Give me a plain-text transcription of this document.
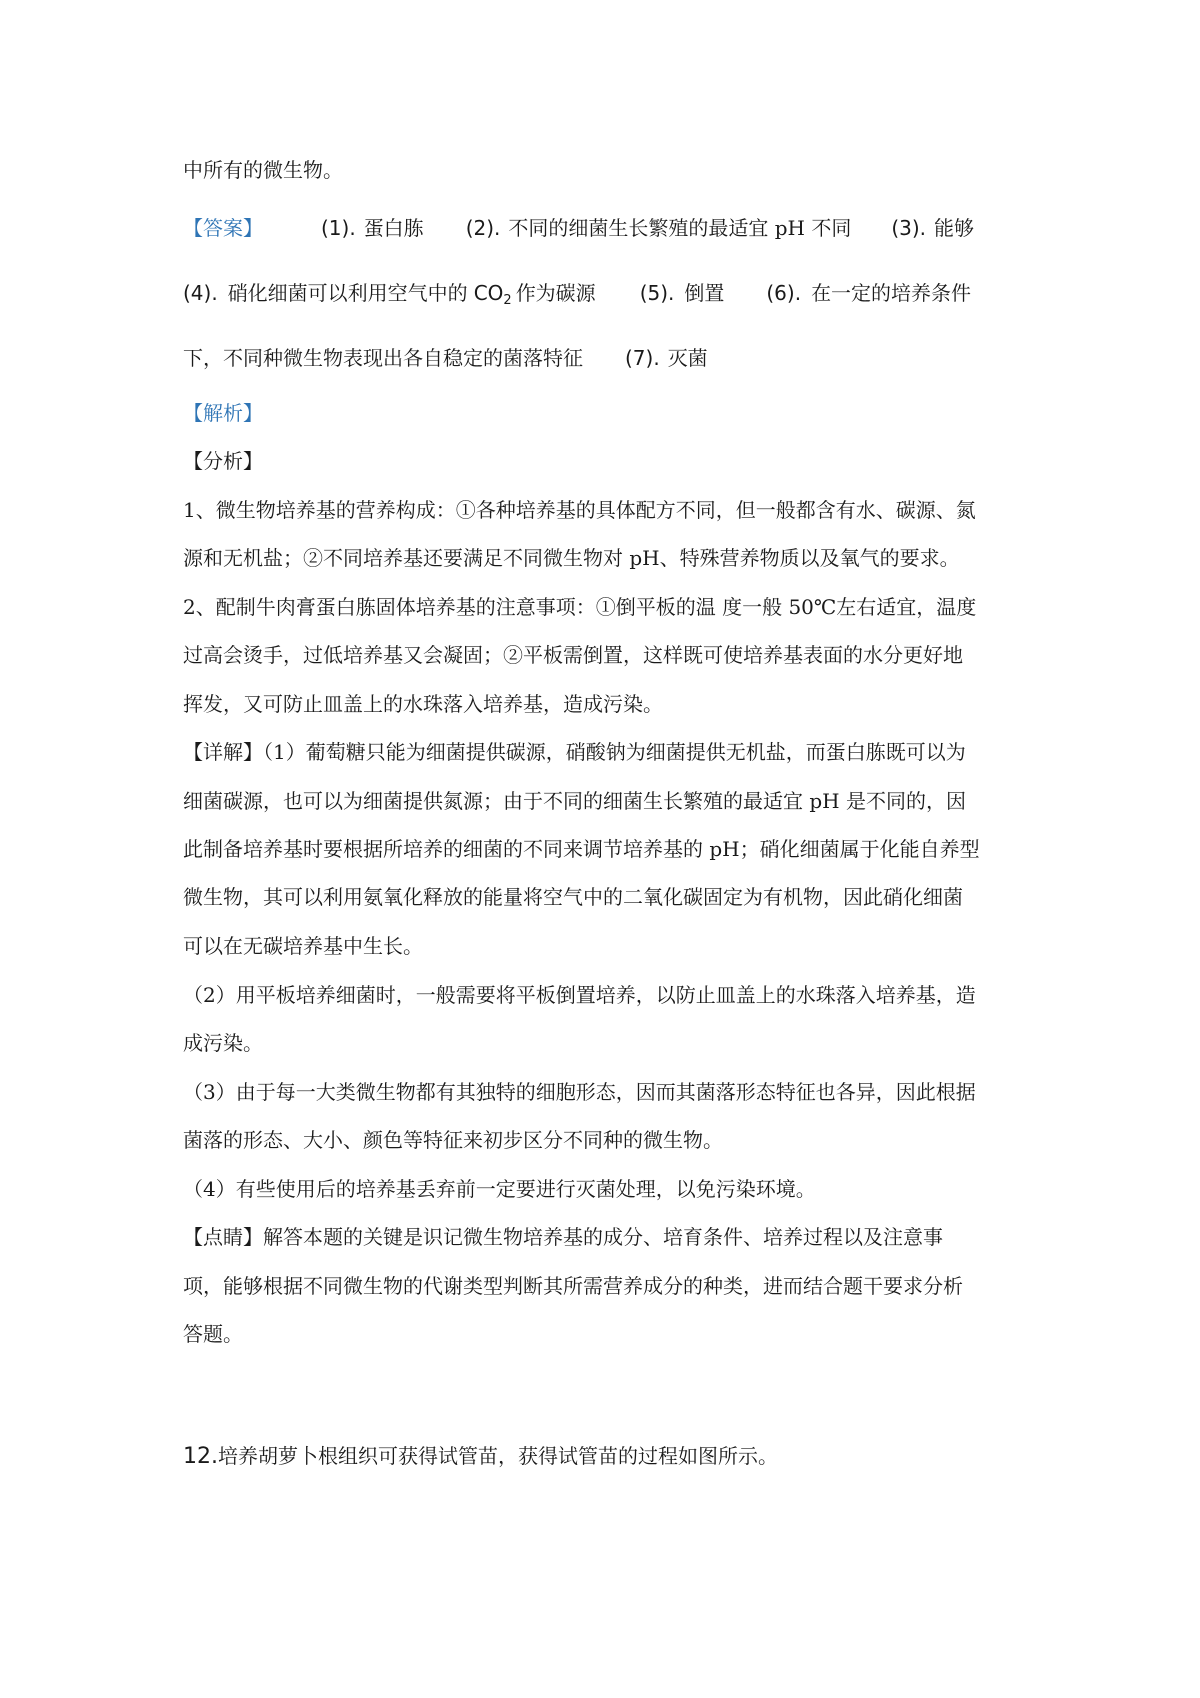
中所有的微生物。
【答案】	(1). 蛋白胨 (2). 不同的细菌生长繁殖的最适宜 pH 不同 (3). 能够
(4). 硝化细菌可以利用空气中的 $CO_2$ 作为碳源 (5). 倒置 (6). 在一定的培养条件
下，不同种微生物表现出各自稳定的菌落特征 (7). 灭菌
【解析】
【分析】
1、微生物培养基的营养构成：①各种培养基的具体配方不同，但一般都含有水、碳源、氮
源和无机盐；②不同培养基还要满足不同微生物对 pH、特殊营养物质以及氧气的要求。
2、配制牛肉膏蛋白胨固体培养基的注意事项：①倒平板的温 度一般 50℃左右适宜，温度
过高会烫手，过低培养基又会凝固；②平板需倒置，这样既可使培养基表面的水分更好地
挥发，又可防止皿盖上的水珠落入培养基，造成污染。
【详解】（1）葡萄糖只能为细菌提供碳源，硝酸钠为细菌提供无机盐，而蛋白胨既可以为
细菌碳源，也可以为细菌提供氮源；由于不同的细菌生长繁殖的最适宜 pH 是不同的，因
此制备培养基时要根据所培养的细菌的不同来调节培养基的 pH；硝化细菌属于化能自养型
微生物，其可以利用氨氧化释放的能量将空气中的二氧化碳固定为有机物，因此硝化细菌
可以在无碳培养基中生长。
（2）用平板培养细菌时，一般需要将平板倒置培养，以防止皿盖上的水珠落入培养基，造
成污染。
（3）由于每一大类微生物都有其独特的细胞形态，因而其菌落形态特征也各异，因此根据
菌落的形态、大小、颜色等特征来初步区分不同种的微生物。
（4）有些使用后的培养基丢弃前一定要进行灭菌处理，以免污染环境。
【点睛】解答本题的关键是识记微生物培养基的成分、培育条件、培养过程以及注意事
项，能够根据不同微生物的代谢类型判断其所需营养成分的种类，进而结合题干要求分析
答题。
12.培养胡萝卜根组织可获得试管苗，获得试管苗的过程如图所示。
